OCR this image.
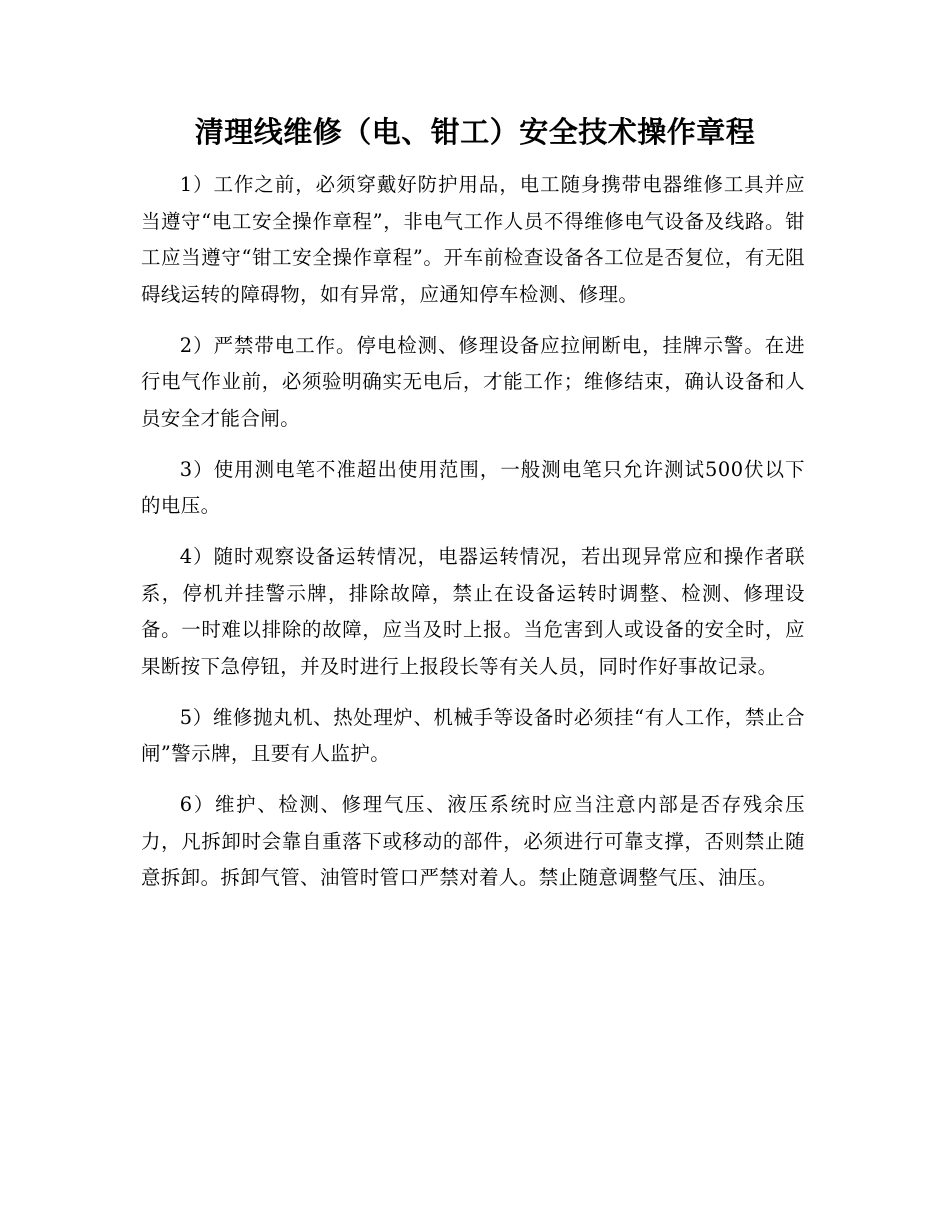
清理线维修（电、钳工）安全技术操作章程

1）工作之前，必须穿戴好防护用品，电工随身携带电器维修工具并应当遵守“电工安全操作章程”，非电气工作人员不得维修电气设备及线路。钳工应当遵守“钳工安全操作章程”。开车前检查设备各工位是否复位，有无阻碍线运转的障碍物，如有异常，应通知停车检测、修理。

2）严禁带电工作。停电检测、修理设备应拉闸断电，挂牌示警。在进行电气作业前，必须验明确实无电后，才能工作；维修结束，确认设备和人员安全才能合闸。

3）使用测电笔不准超出使用范围，一般测电笔只允许测试500伏以下的电压。

4）随时观察设备运转情况，电器运转情况，若出现异常应和操作者联系，停机并挂警示牌，排除故障，禁止在设备运转时调整、检测、修理设备。一时难以排除的故障，应当及时上报。当危害到人或设备的安全时，应果断按下急停钮，并及时进行上报段长等有关人员，同时作好事故记录。

5）维修抛丸机、热处理炉、机械手等设备时必须挂“有人工作，禁止合闸”警示牌，且要有人监护。

6）维护、检测、修理气压、液压系统时应当注意内部是否存残余压力，凡拆卸时会靠自重落下或移动的部件，必须进行可靠支撑，否则禁止随意拆卸。拆卸气管、油管时管口严禁对着人。禁止随意调整气压、油压。
